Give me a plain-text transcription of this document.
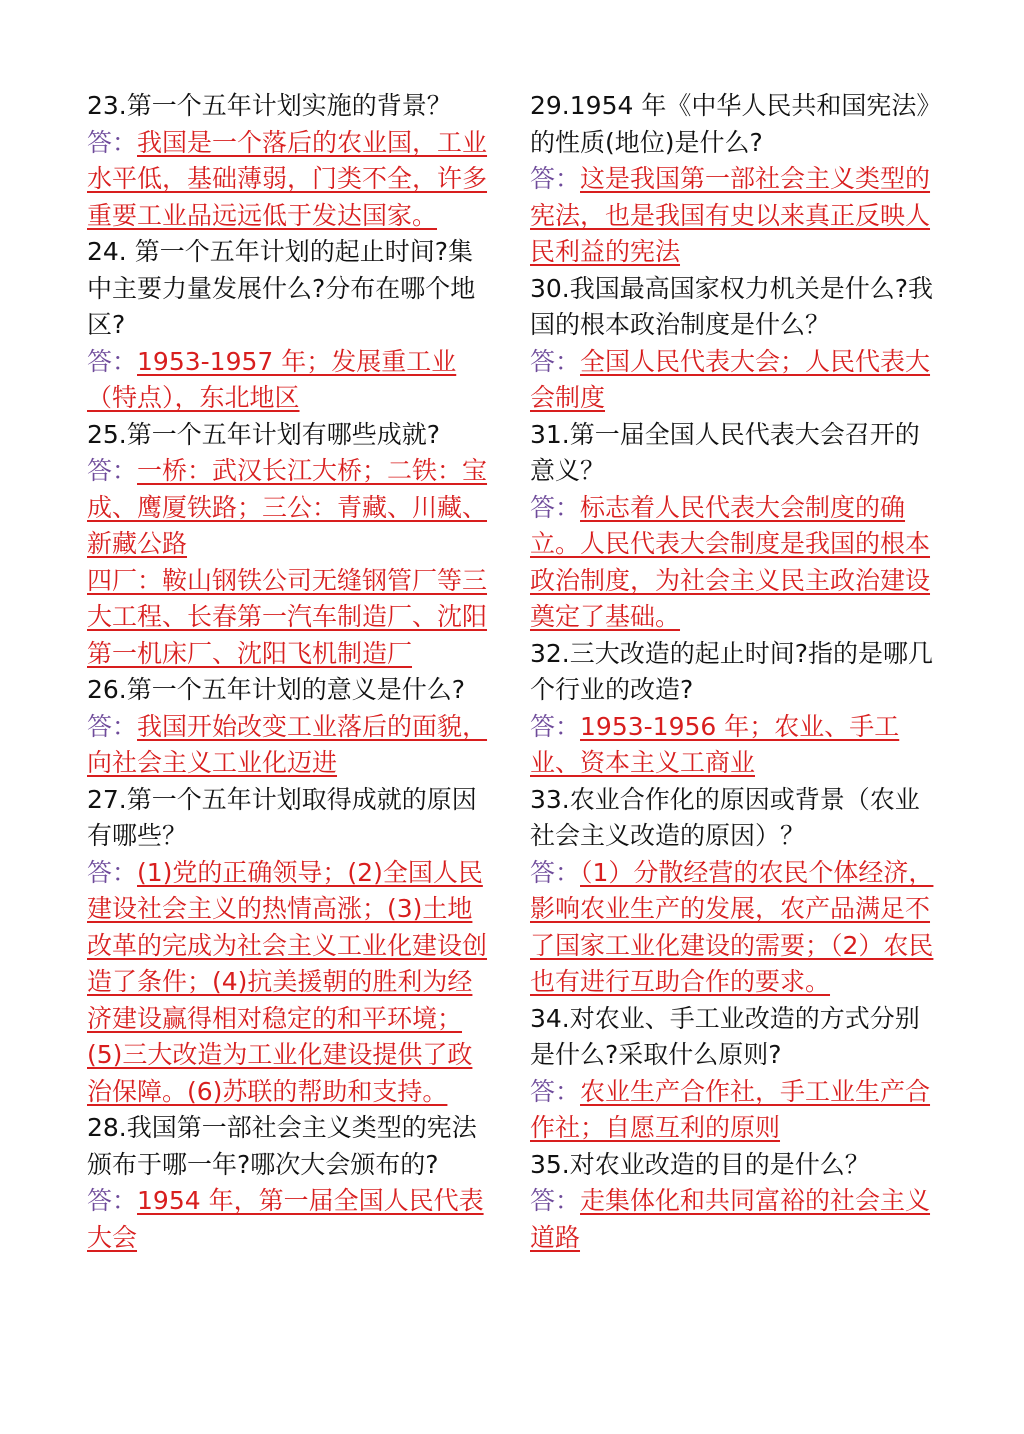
23.第一个五年计划实施的背景？
答：我国是一个落后的农业国，工业水平低，基础薄弱，门类不全，许多重要工业品远远低于发达国家。
24. 第一个五年计划的起止时间?集中主要力量发展什么?分布在哪个地区?
答：1953-1957 年；发展重工业（特点），东北地区
25.第一个五年计划有哪些成就?
答：一桥：武汉长江大桥；二铁：宝成、鹰厦铁路；三公：青藏、川藏、新藏公路
四厂：鞍山钢铁公司无缝钢管厂等三大工程、长春第一汽车制造厂、沈阳第一机床厂、沈阳飞机制造厂
26.第一个五年计划的意义是什么?
答：我国开始改变工业落后的面貌，向社会主义工业化迈进
27.第一个五年计划取得成就的原因有哪些？
答：(1)党的正确领导；(2)全国人民建设社会主义的热情高涨；(3)土地改革的完成为社会主义工业化建设创造了条件；(4)抗美援朝的胜利为经济建设赢得相对稳定的和平环境；(5)三大改造为工业化建设提供了政治保障。(6)苏联的帮助和支持。
28.我国第一部社会主义类型的宪法颁布于哪一年?哪次大会颁布的?
答：1954 年，第一届全国人民代表大会
29.1954 年《中华人民共和国宪法》的性质(地位)是什么?
答：这是我国第一部社会主义类型的宪法，也是我国有史以来真正反映人民利益的宪法
30.我国最高国家权力机关是什么?我国的根本政治制度是什么？
答：全国人民代表大会；人民代表大会制度
31.第一届全国人民代表大会召开的意义？
答：标志着人民代表大会制度的确立。人民代表大会制度是我国的根本政治制度，为社会主义民主政治建设奠定了基础。
32.三大改造的起止时间?指的是哪几个行业的改造?
答：1953-1956 年；农业、手工业、资本主义工商业
33.农业合作化的原因或背景（农业社会主义改造的原因）？
答：（1）分散经营的农民个体经济，影响农业生产的发展，农产品满足不了国家工业化建设的需要；（2）农民也有进行互助合作的要求。
34.对农业、手工业改造的方式分别是什么?采取什么原则?
答：农业生产合作社，手工业生产合作社；自愿互利的原则
35.对农业改造的目的是什么？
答：走集体化和共同富裕的社会主义道路
